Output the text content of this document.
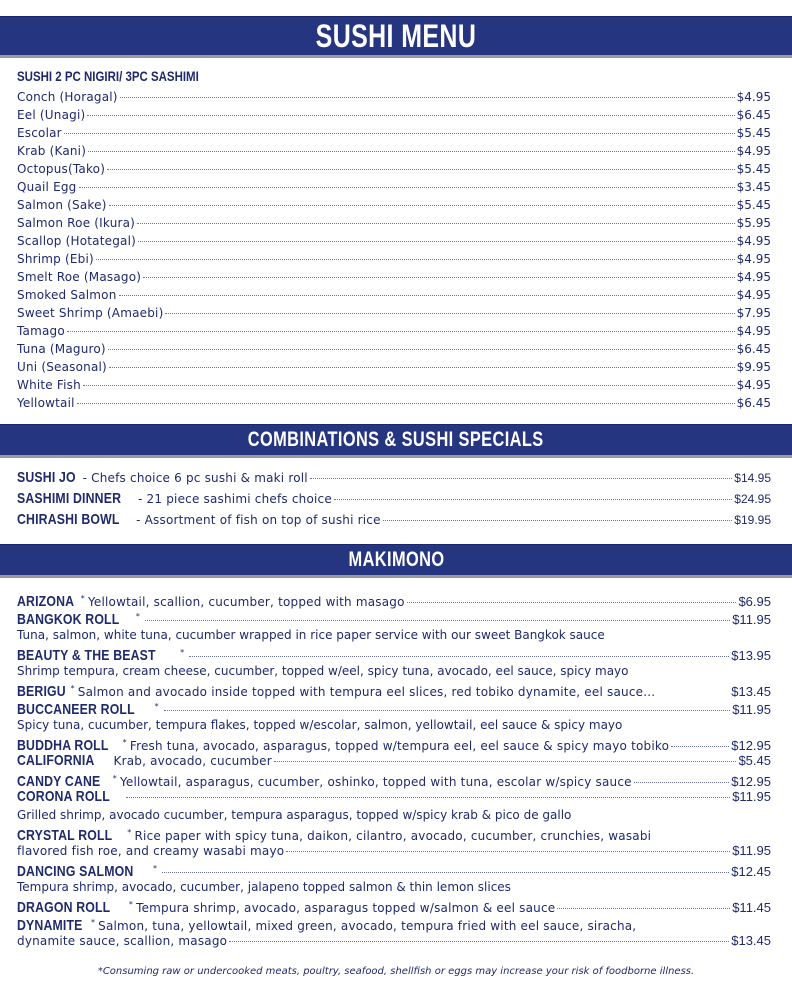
SUSHI MENU
SUSHI 2 PC NIGIRI/ 3PC SASHIMI
Conch (Horagal)	$4.95
Eel (Unagi)	$6.45
Escolar	$5.45
Krab (Kani)	$4.95
Octopus(Tako)	$5.45
Quail Egg	$3.45
Salmon (Sake)	$5.45
Salmon Roe (Ikura)	$5.95
Scallop (Hotategal)	$4.95
Shrimp (Ebi)	$4.95
Smelt Roe (Masago)	$4.95
Smoked Salmon	$4.95
Sweet Shrimp (Amaebi)	$7.95
Tamago	$4.95
Tuna (Maguro)	$6.45
Uni (Seasonal)	$9.95
White Fish	$4.95
Yellowtail	$6.45
COMBINATIONS & SUSHI SPECIALS
SUSHI JO - Chefs choice 6 pc sushi & maki roll	$14.95
SASHIMI DINNER - 21 piece sashimi chefs choice	$24.95
CHIRASHI BOWL - Assortment of fish on top of sushi rice	$19.95
MAKIMONO
ARIZONA * Yellowtail, scallion, cucumber, topped with masago	$6.95
BANGKOK ROLL *	$11.95
Tuna, salmon, white tuna, cucumber wrapped in rice paper service with our sweet Bangkok sauce
BEAUTY & THE BEAST	*	$13.95
Shrimp tempura, cream cheese, cucumber, topped w/eel, spicy tuna, avocado, eel sauce, spicy mayo
BERIGU * Salmon and avocado inside topped with tempura eel slices, red tobiko dynamite, eel sauce...	$13.45
BUCCANEER ROLL *	$11.95
Spicy tuna, cucumber, tempura flakes, topped w/escolar, salmon, yellowtail, eel sauce & spicy mayo
BUDDHA ROLL * Fresh tuna, avocado, asparagus, topped w/tempura eel, eel sauce & spicy mayo tobiko	$12.95
CALIFORNIA Krab, avocado, cucumber	$5.45
CANDY CANE * Yellowtail, asparagus, cucumber, oshinko, topped with tuna, escolar w/spicy sauce	$12.95
CORONA ROLL	$11.95
Grilled shrimp, avocado cucumber, tempura asparagus, topped w/spicy krab & pico de gallo
CRYSTAL ROLL * Rice paper with spicy tuna, daikon, cilantro, avocado, cucumber, crunchies, wasabi
flavored fish roe, and creamy wasabi mayo	$11.95
DANCING SALMON *	$12.45
Tempura shrimp, avocado, cucumber, jalapeno topped salmon & thin lemon slices
DRAGON ROLL * Tempura shrimp, avocado, asparagus topped w/salmon & eel sauce	$11.45
DYNAMITE * Salmon, tuna, yellowtail, mixed green, avocado, tempura fried with eel sauce, siracha,
dynamite sauce, scallion, masago	$13.45
*Consuming raw or undercooked meats, poultry, seafood, shellfish or eggs may increase your risk of foodborne illness.
